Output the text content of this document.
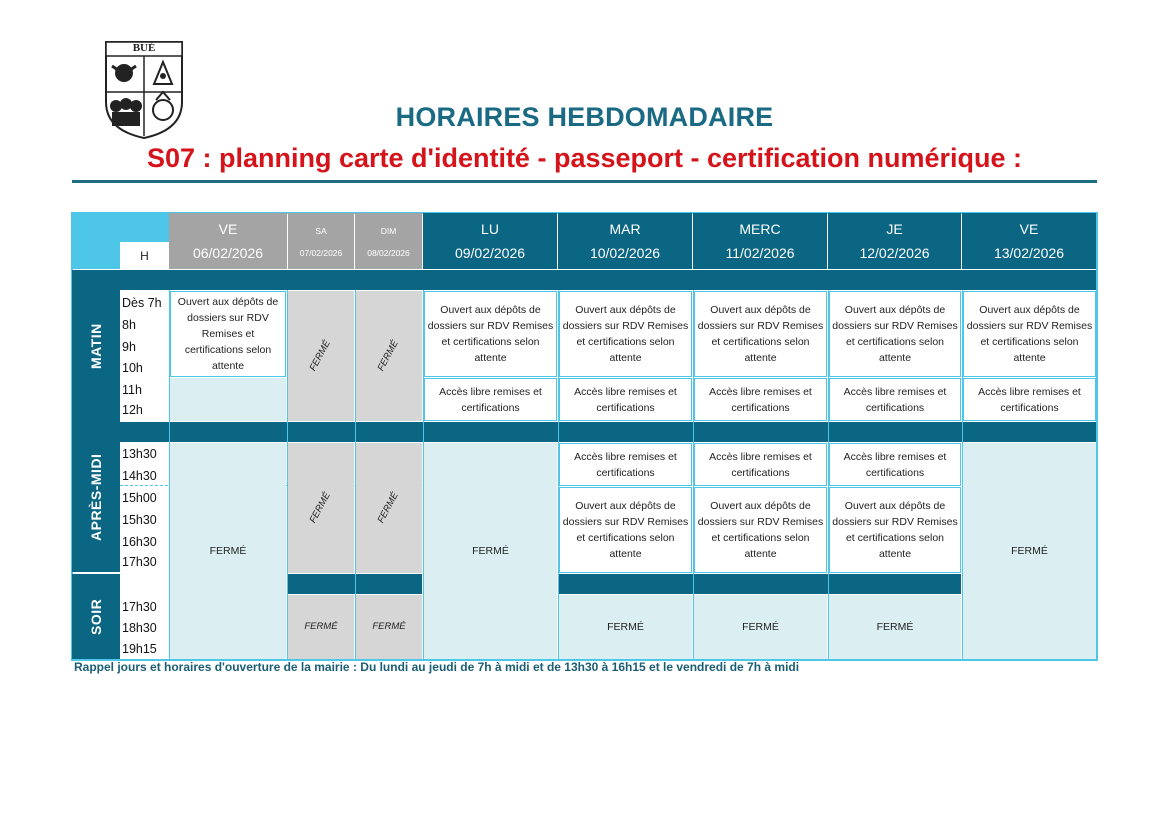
BUÉ
HORAIRES HEBDOMADAIRE
S07 : planning carte d'identité - passeport - certification numérique :
H
VE
06/02/2026
SA
07/02/2026
DIM
08/02/2026
LU
09/02/2026
MAR
10/02/2026
MERC
11/02/2026
JE
12/02/2026
VE
13/02/2026
MATIN
APRÈS-MIDI
SOIR
Dès 7h
8h
9h
10h
11h
12h
13h30
14h30
15h00
15h30
16h30
17h30
17h30
18h30
19h15
Ouvert aux dépôts de dossiers sur RDV Remises et certifications selon attente
FERMÉ
FERMÉ
FERMÉ
FERMÉ
FERMÉ
FERMÉ
FERMÉ
Ouvert aux dépôts de dossiers sur RDV Remises et certifications selon attente
Accès libre remises et certifications
FERMÉ
Ouvert aux dépôts de dossiers sur RDV Remises et certifications selon attente
Accès libre remises et certifications
Accès libre remises et certifications
Ouvert aux dépôts de dossiers sur RDV Remises et certifications selon attente
Ouvert aux dépôts de dossiers sur RDV Remises et certifications selon attente
Accès libre remises et certifications
Accès libre remises et certifications
Ouvert aux dépôts de dossiers sur RDV Remises et certifications selon attente
Ouvert aux dépôts de dossiers sur RDV Remises et certifications selon attente
Accès libre remises et certifications
Accès libre remises et certifications
Ouvert aux dépôts de dossiers sur RDV Remises et certifications selon attente
FERMÉ	FERMÉ	FERMÉ
Ouvert aux dépôts de dossiers sur RDV Remises et certifications selon attente
Accès libre remises et certifications
FERMÉ
Rappel jours et horaires d'ouverture de la mairie : Du lundi au jeudi de 7h à midi et de 13h30 à 16h15 et le vendredi de 7h à midi
